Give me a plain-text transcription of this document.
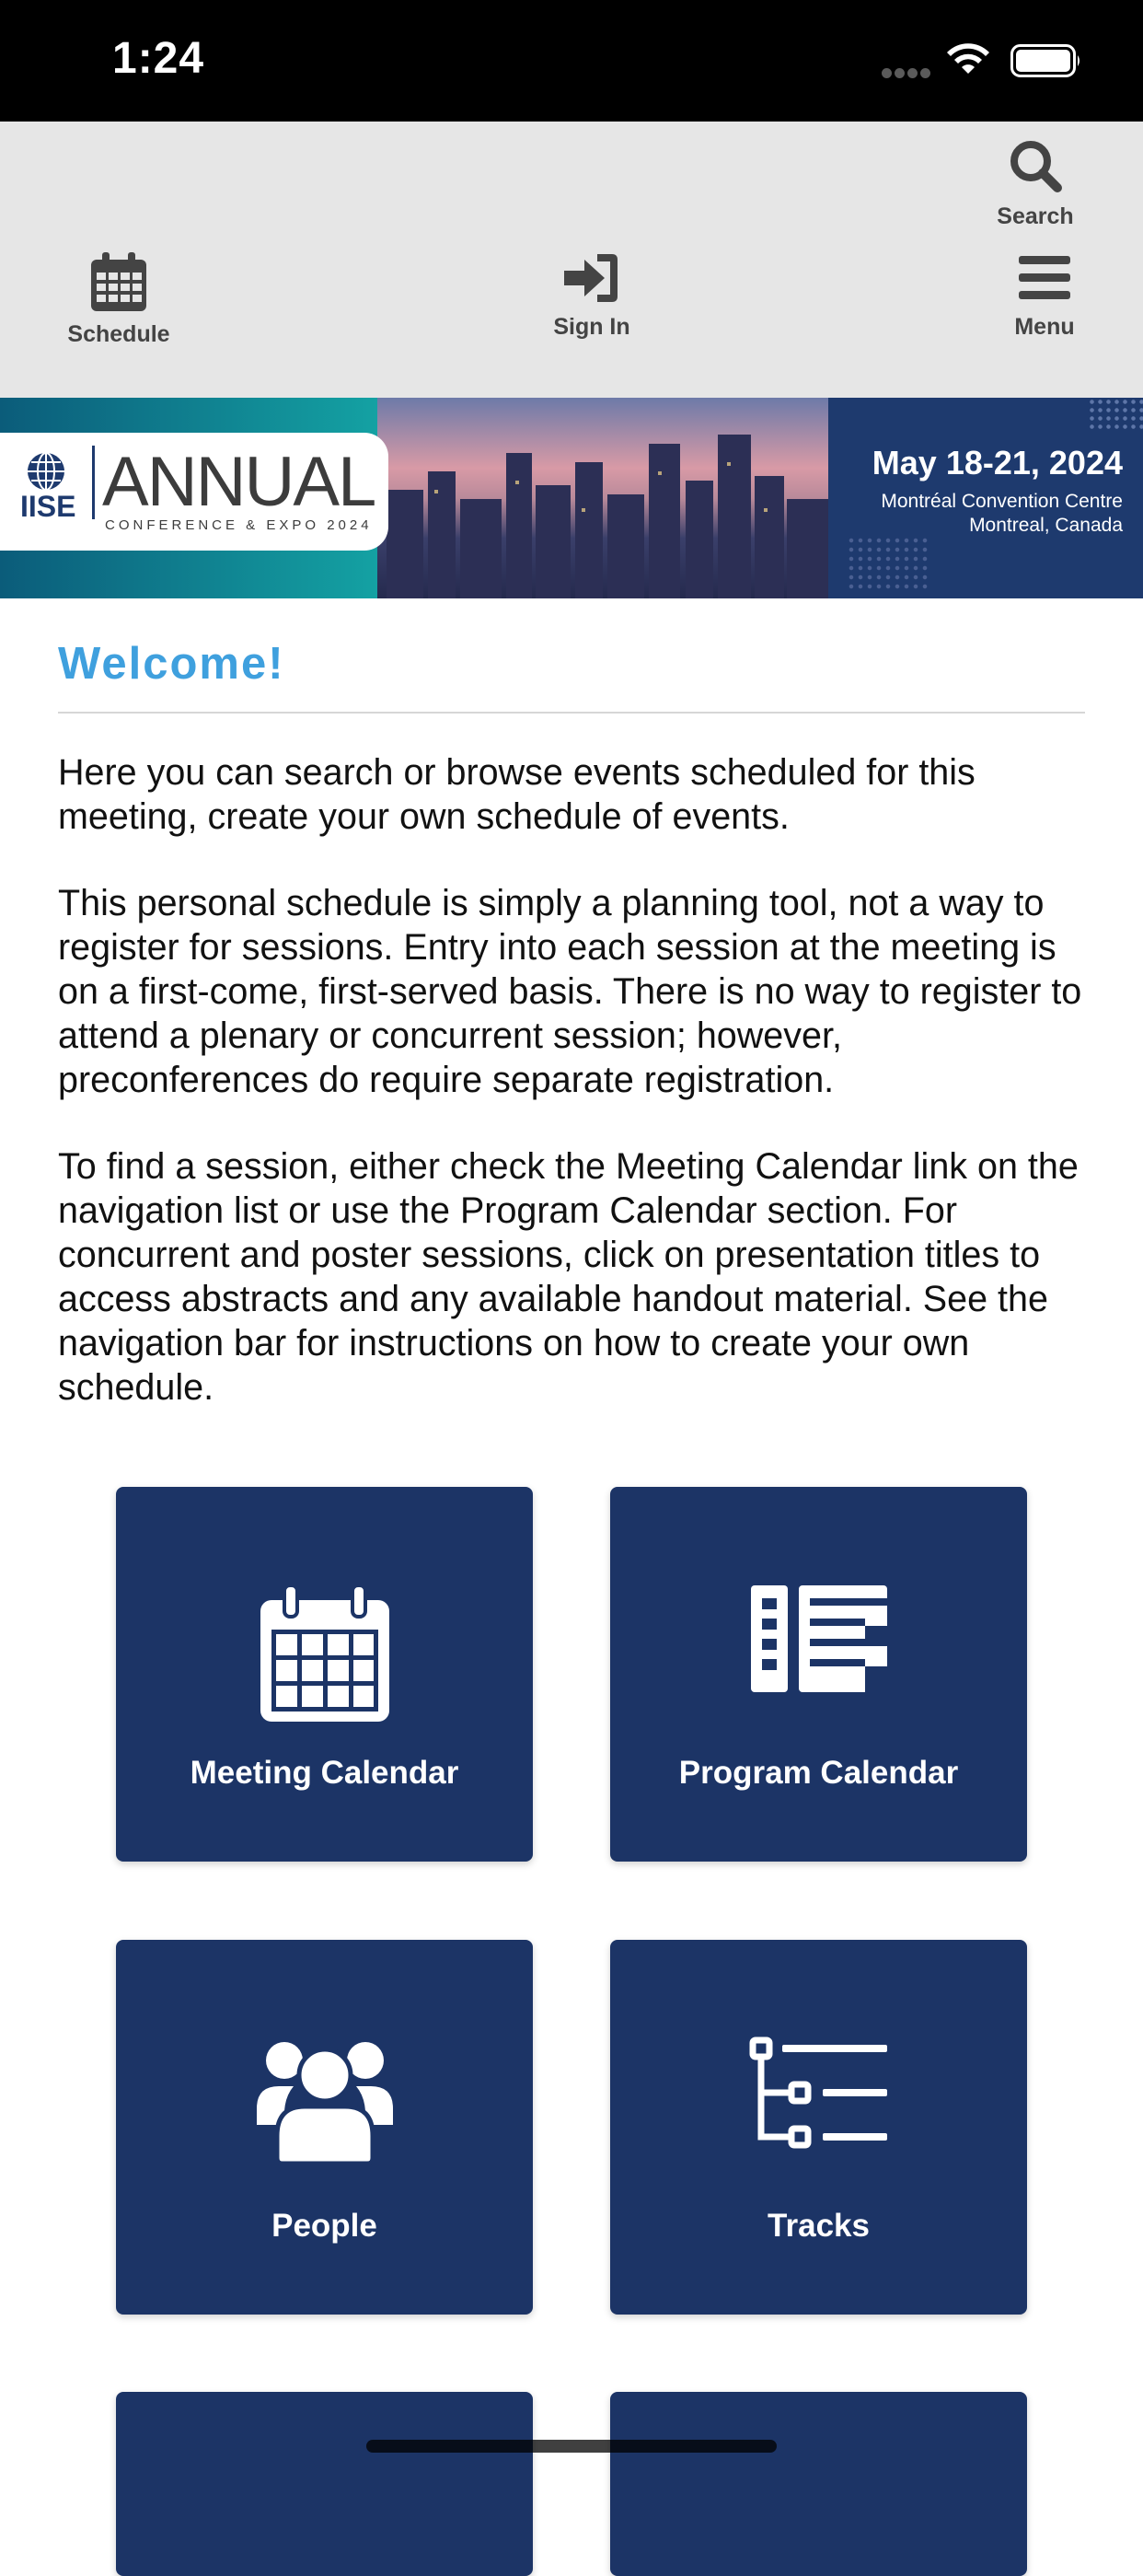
1:24
Search
Schedule	Sign In	Menu
IISE ANNUAL
CONFERENCE & EXPO 2024
May 18-21, 2024
Montréal Convention Centre
Montreal, Canada
Welcome!

Here you can search or browse events scheduled for this meeting, create your own schedule of events.

This personal schedule is simply a planning tool, not a way to register for sessions. Entry into each session at the meeting is on a first-come, first-served basis. There is no way to register to attend a plenary or concurrent session; however, preconferences do require separate registration.

To find a session, either check the Meeting Calendar link on the navigation list or use the Program Calendar section. For concurrent and poster sessions, click on presentation titles to access abstracts and any available handout material. See the navigation bar for instructions on how to create your own schedule.

Meeting Calendar	Program Calendar
People	Tracks
